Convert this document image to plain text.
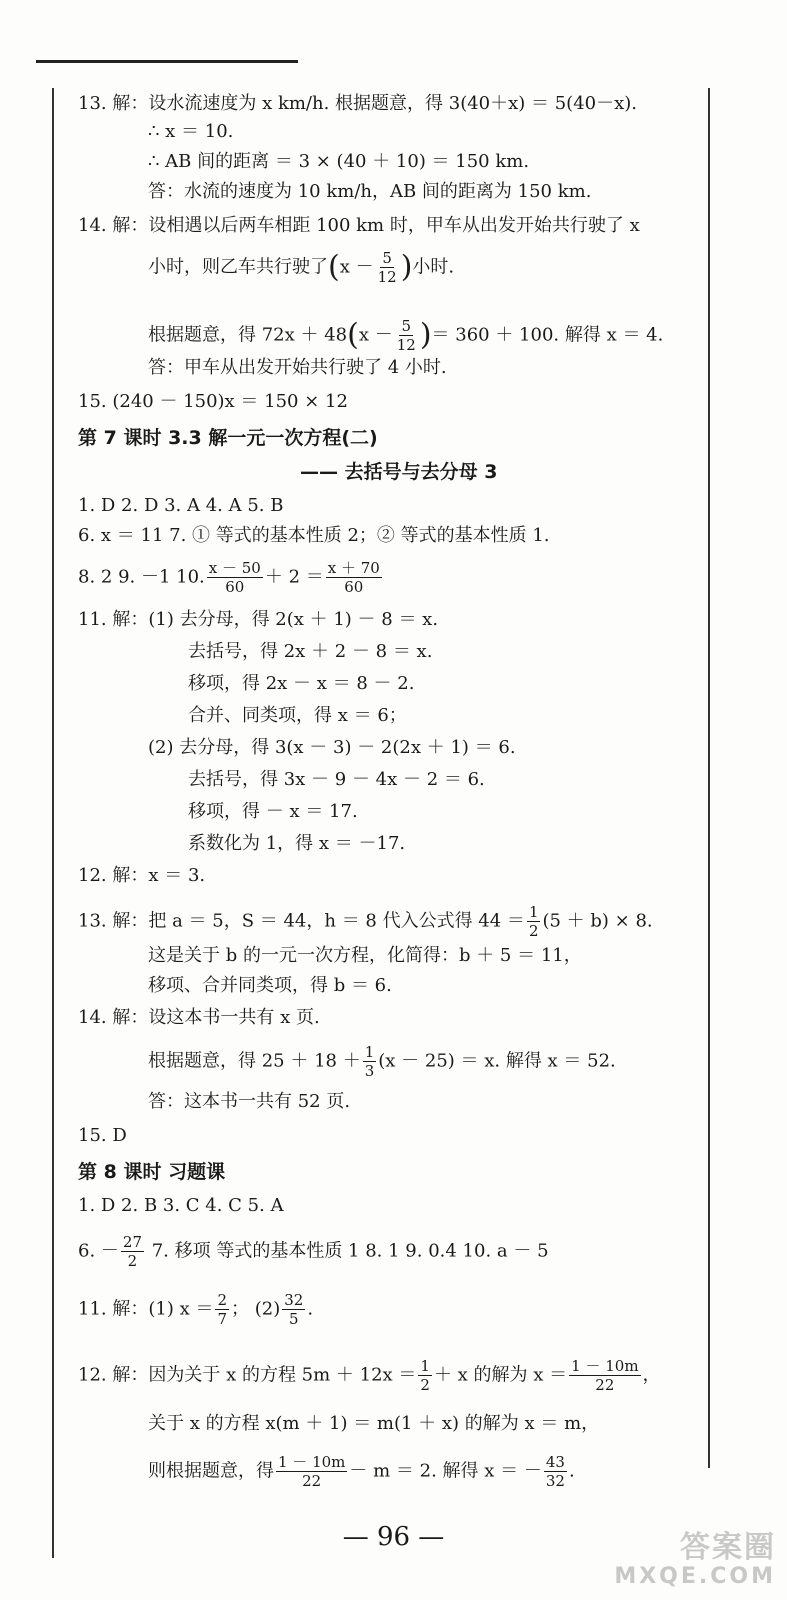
13. 解：设水流速度为 x km/h. 根据题意，得 3(40＋x) ＝ 5(40－x).
∴ x ＝ 10.
∴ AB 间的距离 ＝ 3 × (40 ＋ 10) ＝ 150 km.
答：水流的速度为 10 km/h，AB 间的距离为 150 km.
14. 解：设相遇以后两车相距 100 km 时，甲车从出发开始共行驶了 x
小时，则乙车共行驶了($x - \frac{5}{12}$ )小时.
根据题意，得 $72x + 48(x - \frac{5}{12}$ )＝ 360 ＋ 100. 解得 x ＝ 4.
答：甲车从出发开始共行驶了 4 小时.
15. (240 － 150)x ＝ 150 × 12
第 7 课时 3.3 解一元一次方程(二)
—— 去括号与去分母 3
1. D 2. D 3. A 4. A 5. B
6. x ＝ 11 7. ① 等式的基本性质 2；② 等式的基本性质 1.
8. 2 9. －1 10. $\frac{x - 50}{60} + 2 = \frac{x + 70}{60}$
11. 解：(1) 去分母，得 2(x ＋ 1) － 8 ＝ x.
去括号，得 2x ＋ 2 － 8 ＝ x.
移项，得 2x － x ＝ 8 － 2.
合并、同类项，得 x ＝ 6；
(2) 去分母，得 3(x － 3) － 2(2x ＋ 1) ＝ 6.
去括号，得 3x － 9 － 4x － 2 ＝ 6.
移项，得 － x ＝ 17.
系数化为 1，得 x ＝ －17.
12. 解：x ＝ 3.
13. 解：把 a ＝ 5，S ＝ 44，h ＝ 8 代入公式得 $44 = \frac{1}{2} (5 + b) \times 8$.
这是关于 b 的一元一次方程，化简得：b ＋ 5 ＝ 11，
移项、合并同类项，得 b ＝ 6.
14. 解：设这本书一共有 x 页.
根据题意，得 $25 + 18 + \frac{1}{3} (x - 25) = x$. 解得 x ＝ 52.
答：这本书一共有 52 页.
15. D
第 8 课时 习题课
1. D 2. B 3. C 4. C 5. A
6. － $\frac{27}{2} 7$. 移项 等式的基本性质 1 8. 1 9. 0.4 10. a － 5
11. 解：(1) $x = \frac{2}{7}$ ； $(2) \frac{32}{5}$ .
12. 解：因为关于 x 的方程 $5m + 12x = \frac{1}{2} + x$ 的解为 $x = \frac{1 - 10m}{22}$ ，
关于 x 的方程 x(m ＋ 1) ＝ m(1 ＋ x) 的解为 x ＝ m，
则根据题意，得 $\frac{1 - 10m}{22} - m = 2$. 解得 x ＝ － $\frac{43}{32}$ .
— 96 —	答案圈
MXQE.COM
